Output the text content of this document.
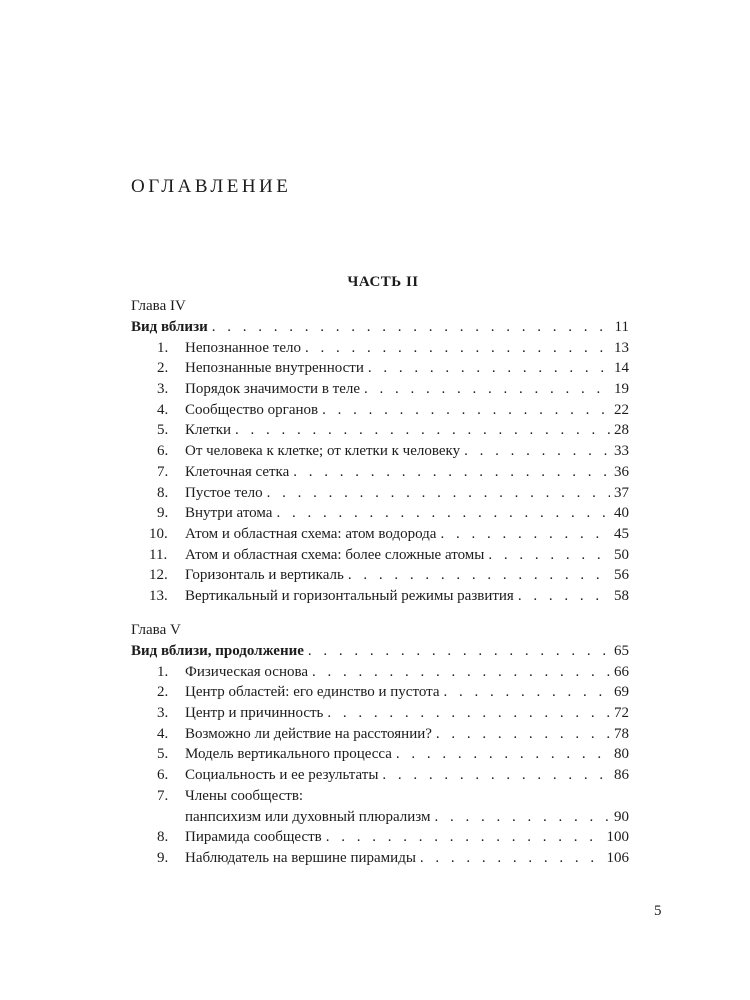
ОГЛАВЛЕНИЕ
ЧАСТЬ II
Глава IV
Вид вблизи . . .	11
1.	Непознанное тело . . .	13
2.	Непознанные внутренности . . .	14
3.	Порядок значимости в теле . . .	19
4.	Сообщество органов . . .	22
5.	Клетки . . .	28
6.	От человека к клетке; от клетки к человеку . . .	33
7.	Клеточная сетка . . .	36
8.	Пустое тело . . .	37
9.	Внутри атома . . .	40
10.	Атом и областная схема: атом водорода . . .	45
11.	Атом и областная схема: более сложные атомы . . .	50
12.	Горизонталь и вертикаль . . .	56
13.	Вертикальный и горизонтальный режимы развития . . .	58
Глава V
Вид вблизи, продолжение . . .	65
1.	Физическая основа . . .	66
2.	Центр областей: его единство и пустота . . .	69
3.	Центр и причинность . . .	72
4.	Возможно ли действие на расстоянии? . . .	78
5.	Модель вертикального процесса . . .	80
6.	Социальность и ее результаты . . .	86
7.	Члены сообществ:
панпсихизм или духовный плюрализм . . .	90
8.	Пирамида сообществ . . .	100
9.	Наблюдатель на вершине пирамиды . . .	106
5
